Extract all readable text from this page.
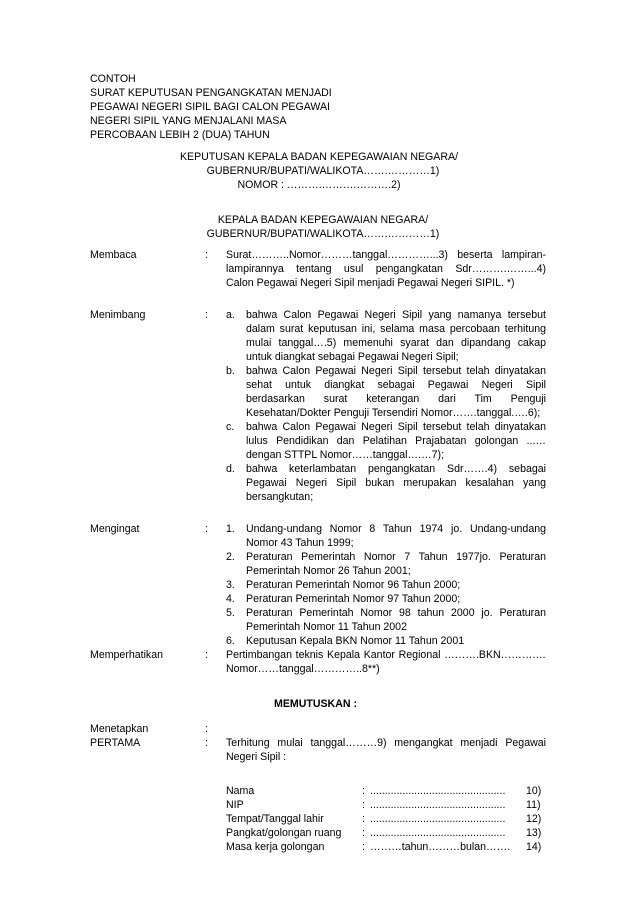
CONTOH
SURAT KEPUTUSAN PENGANGKATAN MENJADI
PEGAWAI NEGERI SIPIL BAGI CALON PEGAWAI
NEGERI SIPIL YANG MENJALANI MASA
PERCOBAAN LEBIH 2 (DUA) TAHUN
KEPUTUSAN KEPALA BADAN KEPEGAWAIAN NEGARA/
GUBERNUR/BUPATI/WALIKOTA…….…………1)
NOMOR : ……….……….……….2)
KEPALA BADAN KEPEGAWAIAN NEGARA/
GUBERNUR/BUPATI/WALIKOTA…….…………1)
Membaca	: Surat………..Nomor………tanggal…………...3) beserta lampiran-
lampirannya tentang usul pengangkatan Sdr……….……...4)
Calon Pegawai Negeri Sipil menjadi Pegawai Negeri SIPIL. *)
Menimbang	: a. bahwa Calon Pegawai Negeri Sipil yang namanya tersebut
dalam surat keputusan ini, selama masa percobaan terhitung
mulai tanggal….5) memenuhi syarat dan dipandang cakap
untuk diangkat sebagai Pegawai Negeri Sipil;
b. bahwa Calon Pegawai Negeri Sipil tersebut telah dinyatakan
sehat untuk diangkat sebagai Pegawai Negeri Sipil
berdasarkan surat keterangan dari Tim Penguji
Kesehatan/Dokter Penguji Tersendiri Nomor…….tanggal.….6);
c. bahwa Calon Pegawai Negeri Sipil tersebut telah dinyatakan
lulus Pendidikan dan Pelatihan Prajabatan golongan ...…
dengan STTPL Nomor……tanggal….…7);
d. bahwa keterlambatan pengangkatan Sdr…….4) sebagai
Pegawai Negeri Sipil bukan merupakan kesalahan yang
bersangkutan;
Mengingat	: 1. Undang-undang Nomor 8 Tahun 1974 jo. Undang-undang
Nomor 43 Tahun 1999;
2. Peraturan Pemerintah Nomor 7 Tahun 1977jo. Peraturan
Pemerintah Nomor 26 Tahun 2001;
3. Peraturan Pemerintah Nomor 96 Tahun 2000;
4. Peraturan Pemerintah Nomor 97 Tahun 2000;
5. Peraturan Pemerintah Nomor 98 tahun 2000 jo. Peraturan
Pemerintah Nomor 11 Tahun 2002
6. Keputusan Kepala BKN Nomor 11 Tahun 2001
Memperhatikan	: Pertimbangan teknis Kepala Kantor Regional ……….BKN……….…
Nomor……tanggal…………..8**)
MEMUTUSKAN :
Menetapkan	:
PERTAMA	: Terhitung mulai tanggal………9) mengangkat menjadi Pegawai
Negeri Sipil :
Nama	: .............................................. 10)
NIP	: .............................................. 11)
Tempat/Tanggal lahir	: .............................................. 12)
Pangkat/golongan ruang : .............................................. 13)
Masa kerja golongan	: ………tahun………bulan……. 14)
